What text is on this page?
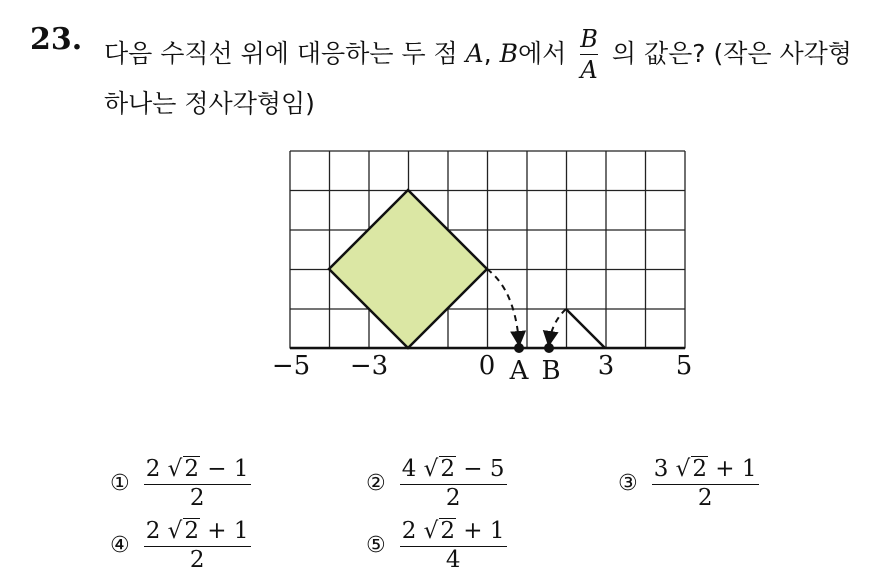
23. 다음 수직선 위에 대응하는 두 점 A, B에서 $\frac{B}{A}$ 의 값은? (작은 사각형
하나는 정사각형임)
−5 −3	0	3 5
A B
① $\frac{2 √2 - 1}{2}$	② $\frac{4 √2 - 5}{2}$	③ $\frac{3 √2 + 1}{2}$
④ $\frac{2 √2 + 1}{2}$	⑤ $\frac{2 √2 + 1}{4}$
